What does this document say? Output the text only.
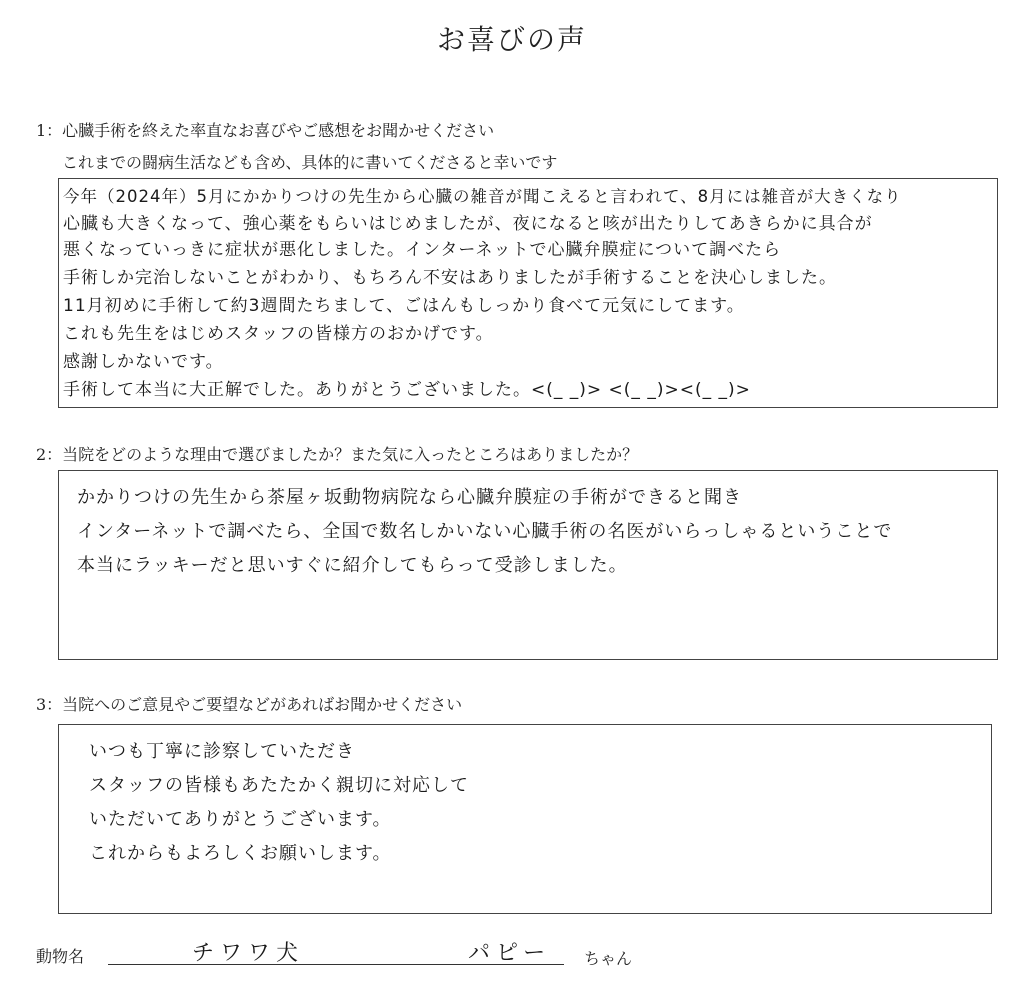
お喜びの声
1：心臓手術を終えた率直なお喜びやご感想をお聞かせください
これまでの闘病生活なども含め、具体的に書いてくださると幸いです
今年（2024年）5月にかかりつけの先生から心臓の雑音が聞こえると言われて、8月には雑音が大きくなり
心臓も大きくなって、強心薬をもらいはじめましたが、夜になると咳が出たりしてあきらかに具合が
悪くなっていっきに症状が悪化しました。インターネットで心臓弁膜症について調べたら
手術しか完治しないことがわかり、もちろん不安はありましたが手術することを決心しました。
11月初めに手術して約3週間たちまして、ごはんもしっかり食べて元気にしてます。
これも先生をはじめスタッフの皆様方のおかげです。
感謝しかないです。
手術して本当に大正解でした。ありがとうございました。<(_ _)> <(_ _)><(_ _)>
2：当院をどのような理由で選びましたか？また気に入ったところはありましたか？
かかりつけの先生から茶屋ヶ坂動物病院なら心臓弁膜症の手術ができると聞き
インターネットで調べたら、全国で数名しかいない心臓手術の名医がいらっしゃるということで
本当にラッキーだと思いすぐに紹介してもらって受診しました。
3：当院へのご意見やご要望などがあればお聞かせください
いつも丁寧に診察していただき
スタッフの皆様もあたたかく親切に対応して
いただいてありがとうございます。
これからもよろしくお願いします。
動物名	チワワ犬	パピー ちゃん
